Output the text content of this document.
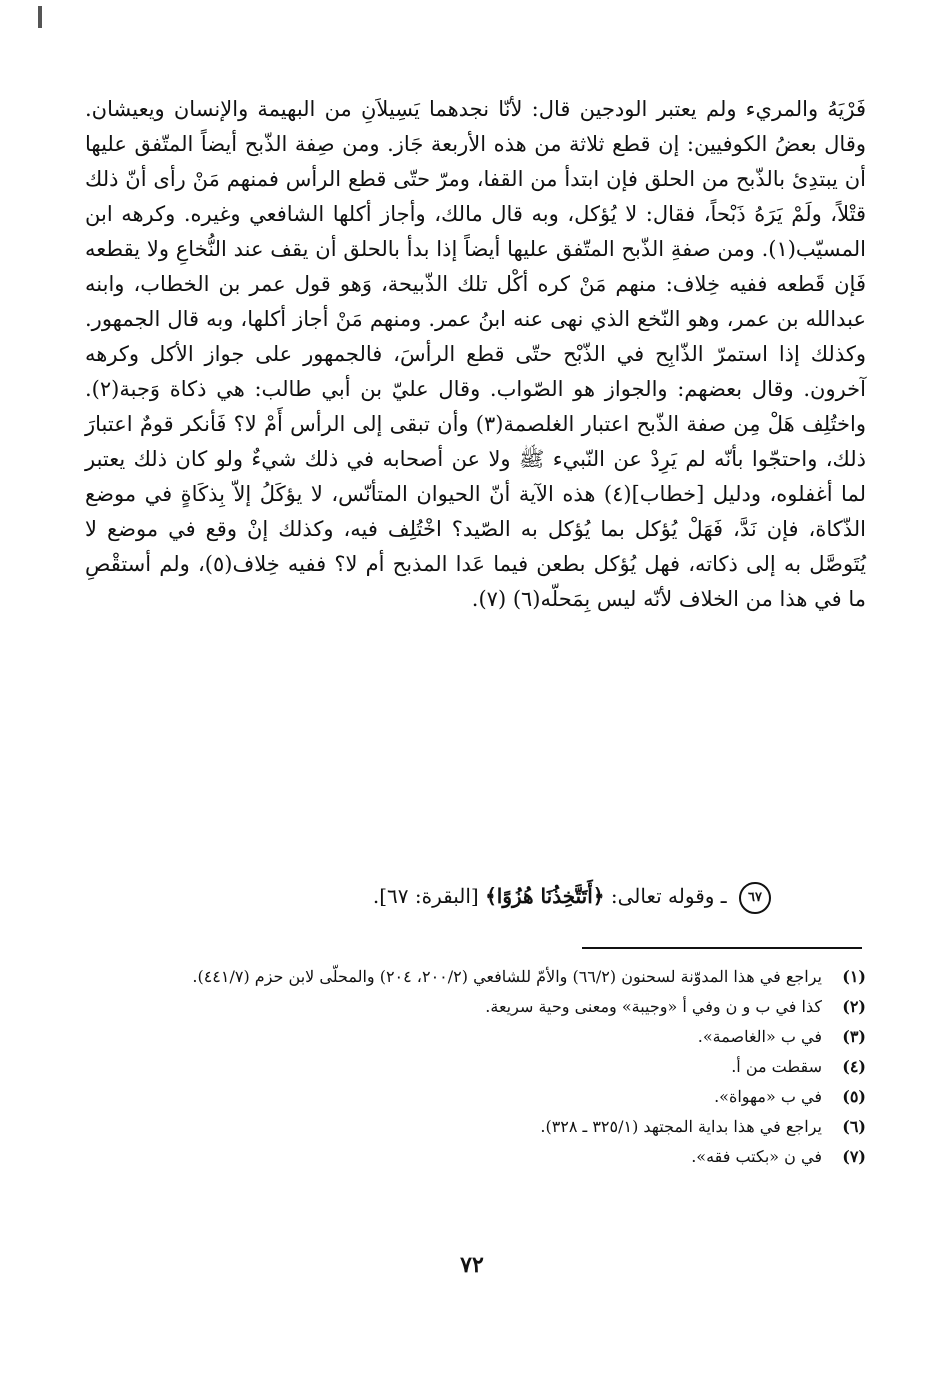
فَرْيَهُ والمريء ولم يعتبر الودجين قال: لأنّا نجدهما يَسِيلاَنِ من البهيمة والإنسان ويعيشان. وقال بعضُ الكوفيين: إن قطع ثلاثة من هذه الأربعة جَاز. ومن صِفة الذّبح أيضاً المتّفق عليها أن يبتدِئ بالذّبح من الحلق فإن ابتدأ من القفا، ومرّ حتّى قطع الرأس فمنهم مَنْ رأى أنّ ذلك قتْلاً، ولَمْ يَرَهُ ذَبْحاً، فقال: لا يُؤكل، وبه قال مالك، وأجاز أكلها الشافعي وغيره. وكرهه ابن المسيّب(١). ومن صفةِ الذّبح المتّفق عليها أيضاً إذا بدأ بالحلق أن يقف عند النُّخاعِ ولا يقطعه فَإن قَطعه ففيه خِلاف: منهم مَنْ كره أكْل تلك الذّبيحة، وَهو قول عمر بن الخطاب، وابنه عبدالله بن عمر، وهو النّخع الذي نهى عنه ابنُ عمر. ومنهم مَنْ أجاز أكلها، وبه قال الجمهور. وكذلك إذا استمرّ الذّابِح في الذّبْح حتّى قطع الرأسَ، فالجمهور على جواز الأكل وكرهه آخرون. وقال بعضهم: والجواز هو الصّواب. وقال عليّ بن أبي طالب: هي ذكاة وَجبة(٢). واختُلِف هَلْ مِن صفة الذّبح اعتبار الغلصمة(٣) وأن تبقى إلى الرأس أَمْ لا؟ فَأنكر قومٌ اعتبارَ ذلك، واحتجّوا بأنّه لم يَرِدْ عن النّبيء ﷺ ولا عن أصحابه في ذلك شيءٌ ولو كان ذلك يعتبر لما أغفلوه، ودليل [خطاب](٤) هذه الآية أنّ الحيوان المتأنّس، لا يؤكَلُ إلاّ بِذكَاةٍ في موضع الذّكاة، فإن نَدَّ، فَهَلْ يُؤكل بما يُؤكل به الصّيد؟ اخْتُلِف فيه، وكذلك إنْ وقع في موضع لا يُتَوصَّل به إلى ذكاته، فهل يُؤكل بطعن فيما عَدا المذبح أم لا؟ ففيه خِلاف(٥)، ولم أستقْصِ ما في هذا من الخلاف لأنّه ليس بِمَحلّه(٦) (٧).

٦٧ ـ وقوله تعالى: ﴿أَتَتَّخِذُنَا هُزُوًا﴾ [البقرة: ٦٧].
(١)
يراجع في هذا المدوّنة لسحنون (٦٦/٢) والأمّ للشافعي (٢٠٠/٢، ٢٠٤) والمحلّى لابن حزم (٤٤١/٧).
(٢)
كذا في ب و ن وفي أ «وجيبة» ومعنى وحية سريعة.
(٣)
في ب «الغاصمة».
(٤)
سقطت من أ.
(٥)
في ب «مهواة».
(٦)
يراجع في هذا بداية المجتهد (٣٢٥/١ ـ ٣٢٨).
(٧)
في ن «بكتب فقه».
٧٢
